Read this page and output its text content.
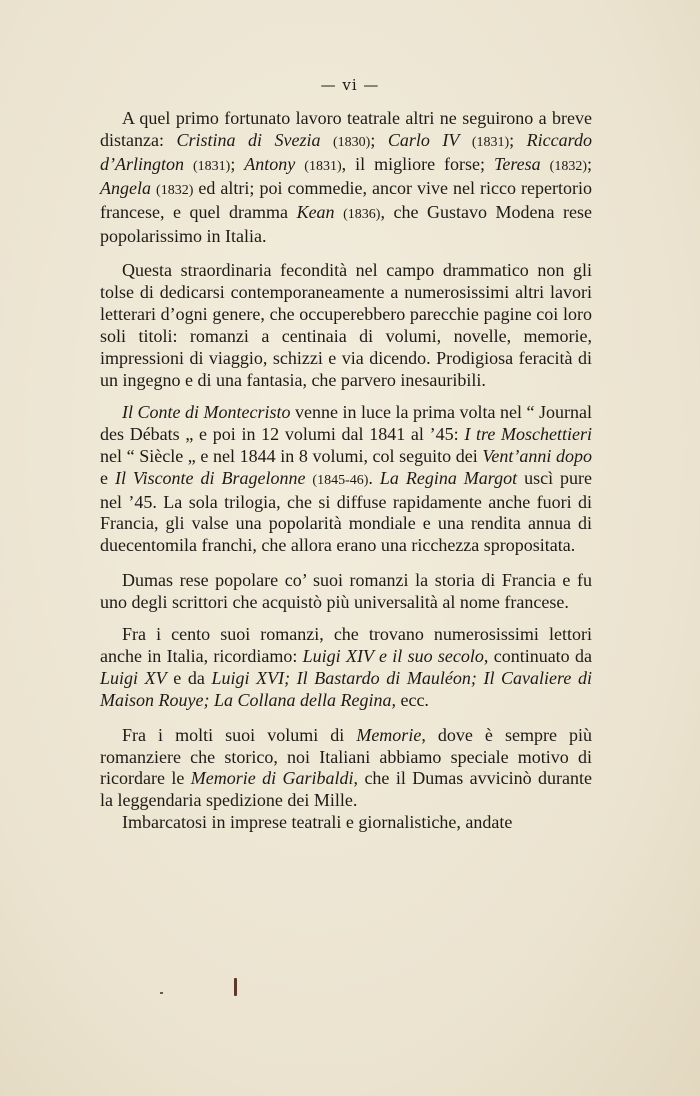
— vi —

A quel primo fortunato lavoro teatrale altri ne seguirono a breve distanza: Cristina di Svezia (1830); Carlo IV (1831); Riccardo d’Arlington (1831); Antony (1831), il migliore forse; Teresa (1832); Angela (1832) ed altri; poi commedie, ancor vive nel ricco repertorio francese, e quel dramma Kean (1836), che Gustavo Modena rese popolarissimo in Italia.

Questa straordinaria fecondità nel campo drammatico non gli tolse di dedicarsi contemporaneamente a numerosissimi altri lavori letterari d’ogni genere, che occuperebbero parecchie pagine coi loro soli titoli: romanzi a centinaia di volumi, novelle, memorie, impressioni di viaggio, schizzi e via dicendo. Prodigiosa feracità di un ingegno e di una fantasia, che parvero inesauribili.

Il Conte di Montecristo venne in luce la prima volta nel “ Journal des Débats „ e poi in 12 volumi dal 1841 al ’45: I tre Moschettieri nel “ Siècle „ e nel 1844 in 8 volumi, col seguito dei Vent’anni dopo e Il Visconte di Bragelonne (1845-46). La Regina Margot uscì pure nel ’45. La sola trilogia, che si diffuse rapidamente anche fuori di Francia, gli valse una popolarità mondiale e una rendita annua di duecentomila franchi, che allora erano una ricchezza spropositata.

Dumas rese popolare co’ suoi romanzi la storia di Francia e fu uno degli scrittori che acquistò più universalità al nome francese.

Fra i cento suoi romanzi, che trovano numerosissimi lettori anche in Italia, ricordiamo: Luigi XIV e il suo secolo, continuato da Luigi XV e da Luigi XVI; Il Bastardo di Mauléon; Il Cavaliere di Maison Rouye; La Collana della Regina, ecc.

Fra i molti suoi volumi di Memorie, dove è sempre più romanziere che storico, noi Italiani abbiamo speciale motivo di ricordare le Memorie di Garibaldi, che il Dumas avvicinò durante la leggendaria spedizione dei Mille.

Imbarcatosi in imprese teatrali e giornalistiche, andate
